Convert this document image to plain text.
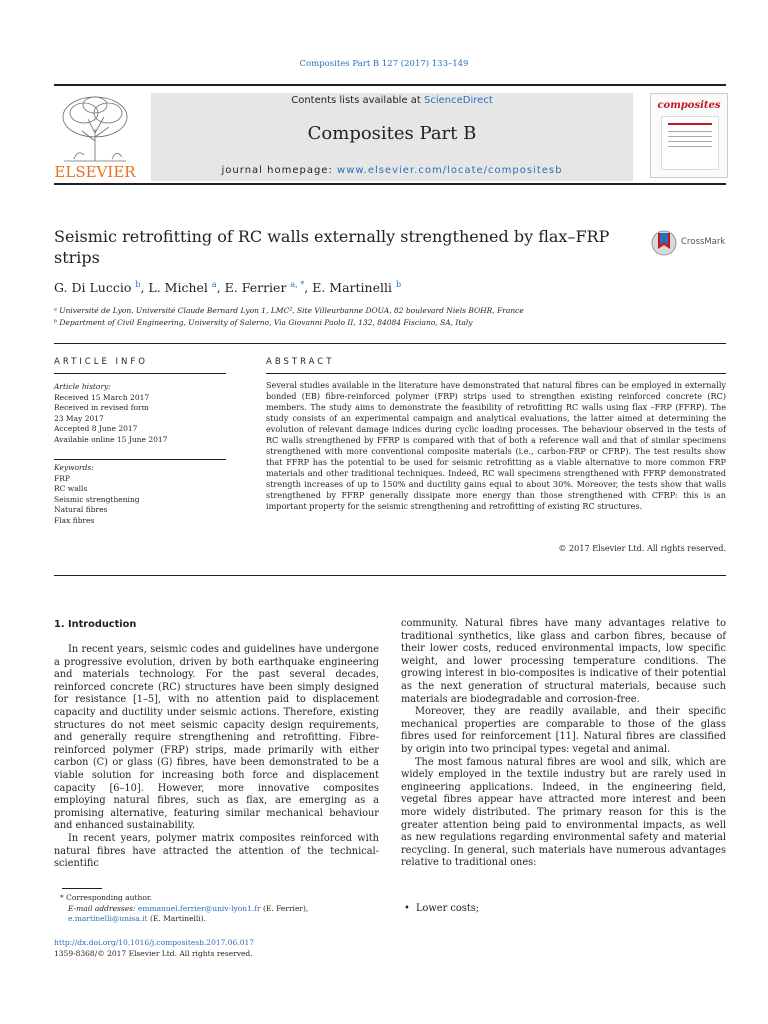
Composites Part B 127 (2017) 133–149
ELSEVIER
Contents lists available at ScienceDirect
Composites Part B
journal homepage: www.elsevier.com/locate/compositesb
composites
Seismic retrofitting of RC walls externally strengthened by flax–FRP strips
CrossMark
G. Di Luccio $^b$, L. Michel $^a$, E. Ferrier $^{a, *}$, E. Martinelli $^b$
ᵃ Université de Lyon, Université Claude Bernard Lyon 1, LMC², Site Villeurbanne DOUA, 82 boulevard Niels BOHR, France
ᵇ Department of Civil Engineering, University of Salerno, Via Giovanni Paolo II, 132, 84084 Fisciano, SA, Italy
ARTICLE INFO	ABSTRACT
Article history:
Received 15 March 2017
Received in revised form
23 May 2017
Accepted 8 June 2017
Available online 15 June 2017
Keywords:
FRP
RC walls
Seismic strengthening
Natural fibres
Flax fibres
Several studies available in the literature have demonstrated that natural fibres can be employed in externally bonded (EB) fibre-reinforced polymer (FRP) strips used to strengthen existing reinforced concrete (RC) members. The study aims to demonstrate the feasibility of retrofitting RC walls using flax –FRP (FFRP). The study consists of an experimental campaign and analytical evaluations, the latter aimed at determining the evolution of relevant damage indices during cyclic loading processes. The behaviour observed in the tests of RC walls strengthened by FFRP is compared with that of both a reference wall and that of similar specimens strengthened with more conventional composite materials (i.e., carbon-FRP or CFRP). The test results show that FFRP has the potential to be used for seismic retrofitting as a viable alternative to more common FRP materials and other traditional techniques. Indeed, RC wall specimens strengthened with FFRP demonstrated strength increases of up to 150% and ductility gains equal to about 30%. Moreover, the tests show that walls strengthened by FFRP generally dissipate more energy than those strengthened with CFRP: this is an important property for the seismic strengthening and retrofitting of existing RC structures.
© 2017 Elsevier Ltd. All rights reserved.
1. Introduction

In recent years, seismic codes and guidelines have undergone a progressive evolution, driven by both earthquake engineering and materials technology. For the past several decades, reinforced concrete (RC) structures have been simply designed for resistance [1–5], with no attention paid to displacement capacity and ductility under seismic actions. Therefore, existing structures do not meet seismic capacity design requirements, and generally require strengthening and retrofitting. Fibre-reinforced polymer (FRP) strips, made primarily with either carbon (C) or glass (G) fibres, have been demonstrated to be a viable solution for increasing both force and displacement capacity [6–10]. However, more innovative composites employing natural fibres, such as flax, are emerging as a promising alternative, featuring similar mechanical behaviour and enhanced sustainability.

In recent years, polymer matrix composites reinforced with natural fibres have attracted the attention of the technical-scientific

community. Natural fibres have many advantages relative to traditional synthetics, like glass and carbon fibres, because of their lower costs, reduced environmental impacts, low specific weight, and lower processing temperature conditions. The growing interest in bio-composites is indicative of their potential as the next generation of structural materials, because such materials are biodegradable and corrosion-free.

Moreover, they are readily available, and their specific mechanical properties are comparable to those of the glass fibres used for reinforcement [11]. Natural fibres are classified by origin into two principal types: vegetal and animal.

The most famous natural fibres are wool and silk, which are widely employed in the textile industry but are rarely used in engineering applications. Indeed, in the engineering field, vegetal fibres appear have attracted more interest and been more widely distributed. The primary reason for this is the greater attention being paid to environmental impacts, as well as new regulations regarding environmental safety and material recycling. In general, such materials have numerous advantages relative to traditional ones:

• Lower costs;
* Corresponding author.
E-mail addresses: emmanuel.ferrier@univ-lyon1.fr (E. Ferrier), e.martinelli@unisa.it (E. Martinelli).
http://dx.doi.org/10.1016/j.compositesb.2017.06.017
1359-8368/© 2017 Elsevier Ltd. All rights reserved.
